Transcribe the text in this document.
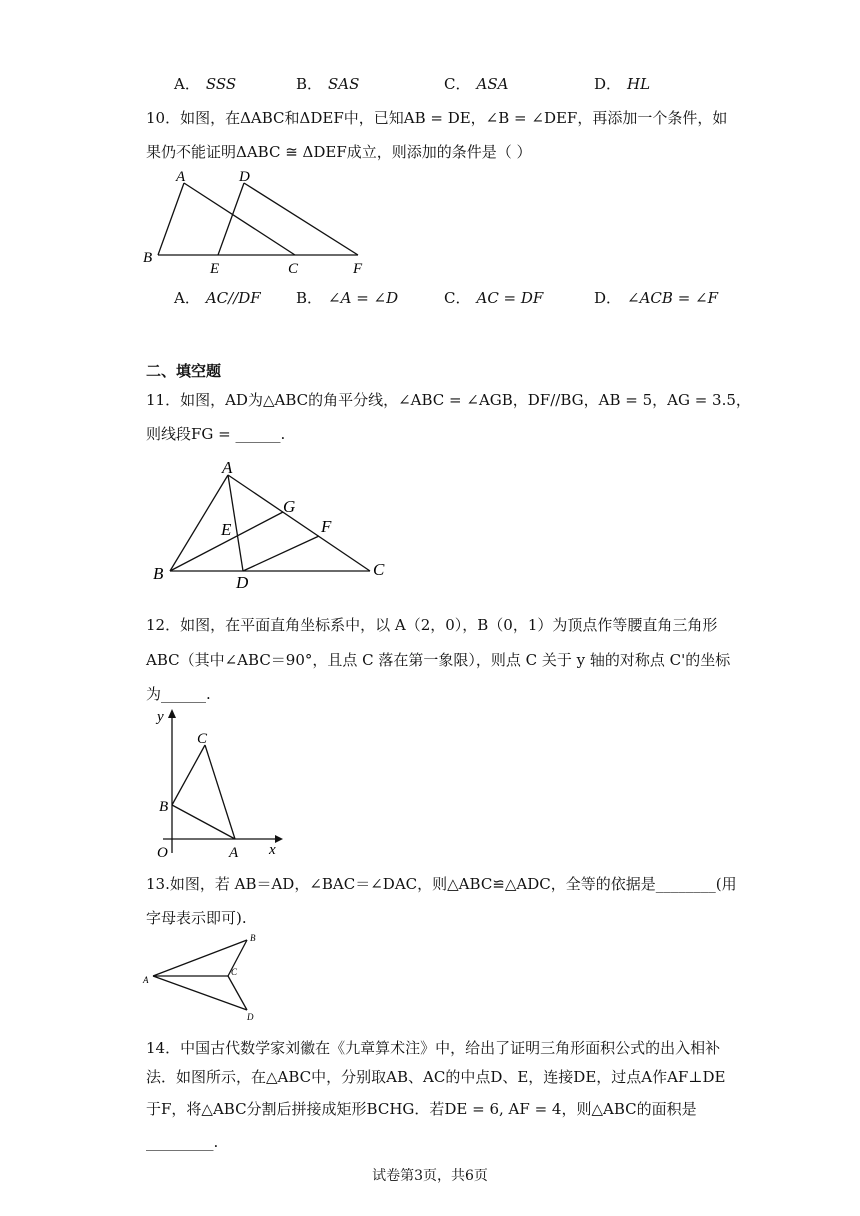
A． SSS	B． SAS	C． ASA	D． HL
10．如图，在ΔABC和ΔDEF中，已知AB = DE，∠B = ∠DEF，再添加一个条件，如
果仍不能证明ΔABC ≅ ΔDEF成立，则添加的条件是（ ）
A	D
B
E	C	F
A． AC//DF B． ∠A = ∠D	C． AC = DF	D． ∠ACB = ∠F
二、填空题
11．如图，AD为△ABC的角平分线，∠ABC = ∠AGB，DF//BG，AB = 5，AG = 3.5，
则线段FG = ______.
A
B	C
D
E	F
G
12．如图，在平面直角坐标系中，以 A（2，0），B（0，1）为顶点作等腰直角三角形
ABC（其中∠ABC＝90°，且点 C 落在第一象限），则点 C 关于 y 轴的对称点 C'的坐标
为______.
y
x
O	A
B
C
13.如图，若 AB＝AD，∠BAC＝∠DAC，则△ABC≌△ADC，全等的依据是________(用
字母表示即可).
A
B
C
D
14．中国古代数学家刘徽在《九章算术注》中，给出了证明三角形面积公式的出入相补
法．如图所示，在△ABC中，分别取AB、AC的中点D、E，连接DE，过点A作AF⊥DE
于F，将△ABC分割后拼接成矩形BCHG．若DE = 6, AF = 4，则△ABC的面积是
_________.
试卷第3页，共6页
